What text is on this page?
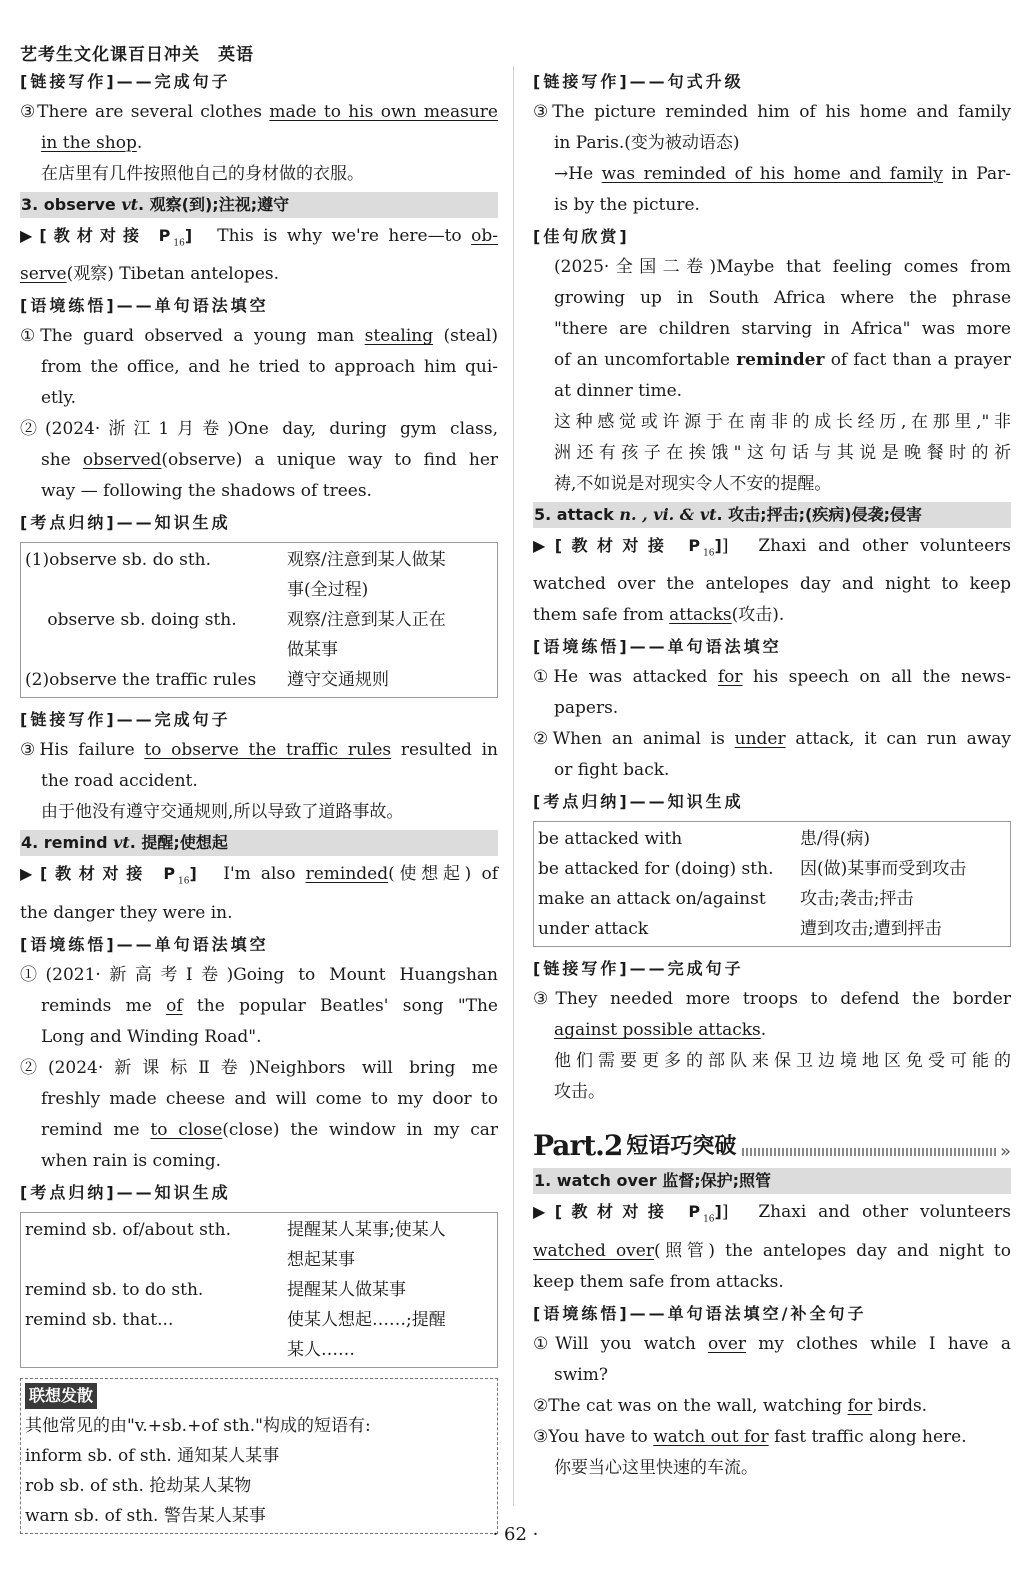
艺考生文化课百日冲关　英语
[链接写作]——完成句子
③There are several clothes made to his own measure
in the shop.
在店里有几件按照他自己的身材做的衣服。
3. observe vt. 观察(到);注视;遵守
▶[教材对接 $P_{16}$]　This is why we're here—to ob-
serve(观察) Tibetan antelopes.
[语境练悟]——单句语法填空
①The guard observed a young man stealing (steal)
from the office, and he tried to approach him qui-
etly.
②(2024·浙江1月卷)One day, during gym class,
she observed(observe) a unique way to find her
way — following the shadows of trees.
[考点归纳]——知识生成
(1)observe sb. do sth.	观察/注意到某人做某
事(全过程)
　 observe sb. doing sth.	观察/注意到某人正在
做某事
(2)observe the traffic rules	遵守交通规则
[链接写作]——完成句子
③His failure to observe the traffic rules resulted in
the road accident.
由于他没有遵守交通规则,所以导致了道路事故。
4. remind vt. 提醒;使想起
▶[教材对接 $P_{16}$]　I'm also reminded(使想起) of
the danger they were in.
[语境练悟]——单句语法填空
①(2021·新高考Ⅰ卷)Going to Mount Huangshan
reminds me of the popular Beatles' song "The
Long and Winding Road".
②(2024·新课标Ⅱ卷)Neighbors will bring me
freshly made cheese and will come to my door to
remind me to close(close) the window in my car
when rain is coming.
[考点归纳]——知识生成
remind sb. of/about sth.	提醒某人某事;使某人
想起某事
remind sb. to do sth.	提醒某人做某事
remind sb. that...	使某人想起……;提醒
某人……
联想发散
其他常见的由"v.+sb.+of sth."构成的短语有:
inform sb. of sth. 通知某人某事
rob sb. of sth. 抢劫某人某物
warn sb. of sth. 警告某人某事
[链接写作]——句式升级
③The picture reminded him of his home and family
in Paris.(变为被动语态)
→He was reminded of his home and family in Par-
is by the picture.
[佳句欣赏]
(2025·全国二卷)Maybe that feeling comes from
growing up in South Africa where the phrase
"there are children starving in Africa" was more
of an uncomfortable reminder of fact than a prayer
at dinner time.
这种感觉或许源于在南非的成长经历,在那里,"非
洲还有孩子在挨饿"这句话与其说是晚餐时的祈
祷,不如说是对现实令人不安的提醒。
5. attack n. , vi. & vt. 攻击;抨击;(疾病)侵袭;侵害
▶[教材对接 $P_{16}$]]　Zhaxi and other volunteers
watched over the antelopes day and night to keep
them safe from attacks(攻击).
[语境练悟]——单句语法填空
①He was attacked for his speech on all the news-
papers.
②When an animal is under attack, it can run away
or fight back.
[考点归纳]——知识生成
be attacked with	患/得(病)
be attacked for (doing) sth.	因(做)某事而受到攻击
make an attack on/against	攻击;袭击;抨击
under attack	遭到攻击;遭到抨击
[链接写作]——完成句子
③They needed more troops to defend the border
against possible attacks.
他们需要更多的部队来保卫边境地区免受可能的
攻击。
Part.2 短语巧突破	»
1. watch over 监督;保护;照管
▶[教材对接 $P_{16}$]]　Zhaxi and other volunteers
watched over(照管) the antelopes day and night to
keep them safe from attacks.
[语境练悟]——单句语法填空/补全句子
①Will you watch over my clothes while I have a
swim?
②The cat was on the wall, watching for birds.
③You have to watch out for fast traffic along here.
你要当心这里快速的车流。
· 62 ·
